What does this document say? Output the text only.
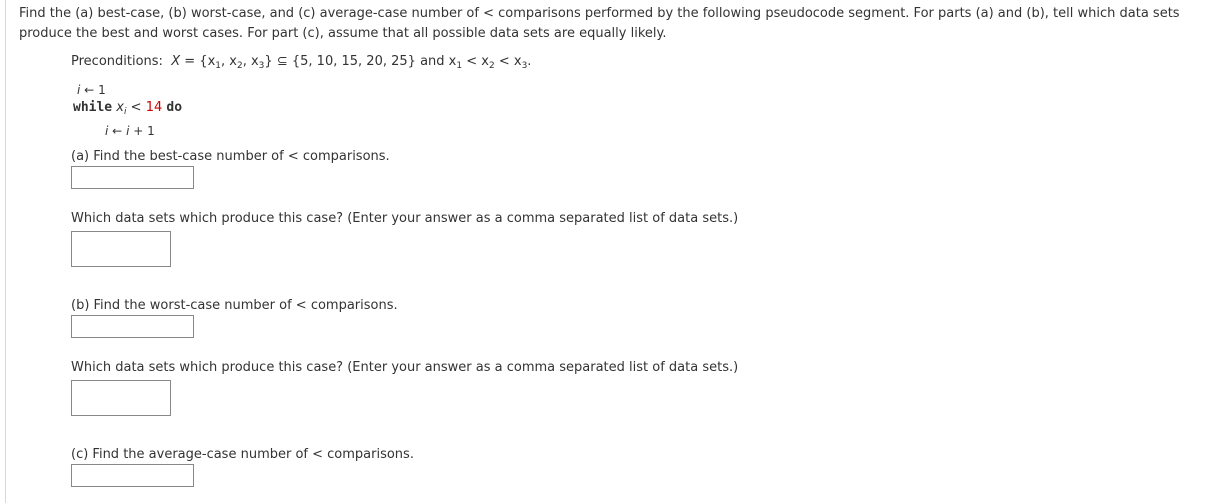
Find the (a) best-case, (b) worst-case, and (c) average-case number of < comparisons performed by the following pseudocode segment. For parts (a) and (b), tell which data sets produce the best and worst cases. For part (c), assume that all possible data sets are equally likely.
Preconditions: $X = \{x_1$, $x_2$, $x_3$} ⊆ {5, 10, 15, 20, 25} and $x_1 < x_2 < x_3$.
i ← 1
while $x_i < 14$ do
i ← i + 1
(a) Find the best-case number of < comparisons.
Which data sets which produce this case? (Enter your answer as a comma separated list of data sets.)
(b) Find the worst-case number of < comparisons.
Which data sets which produce this case? (Enter your answer as a comma separated list of data sets.)
(c) Find the average-case number of < comparisons.
